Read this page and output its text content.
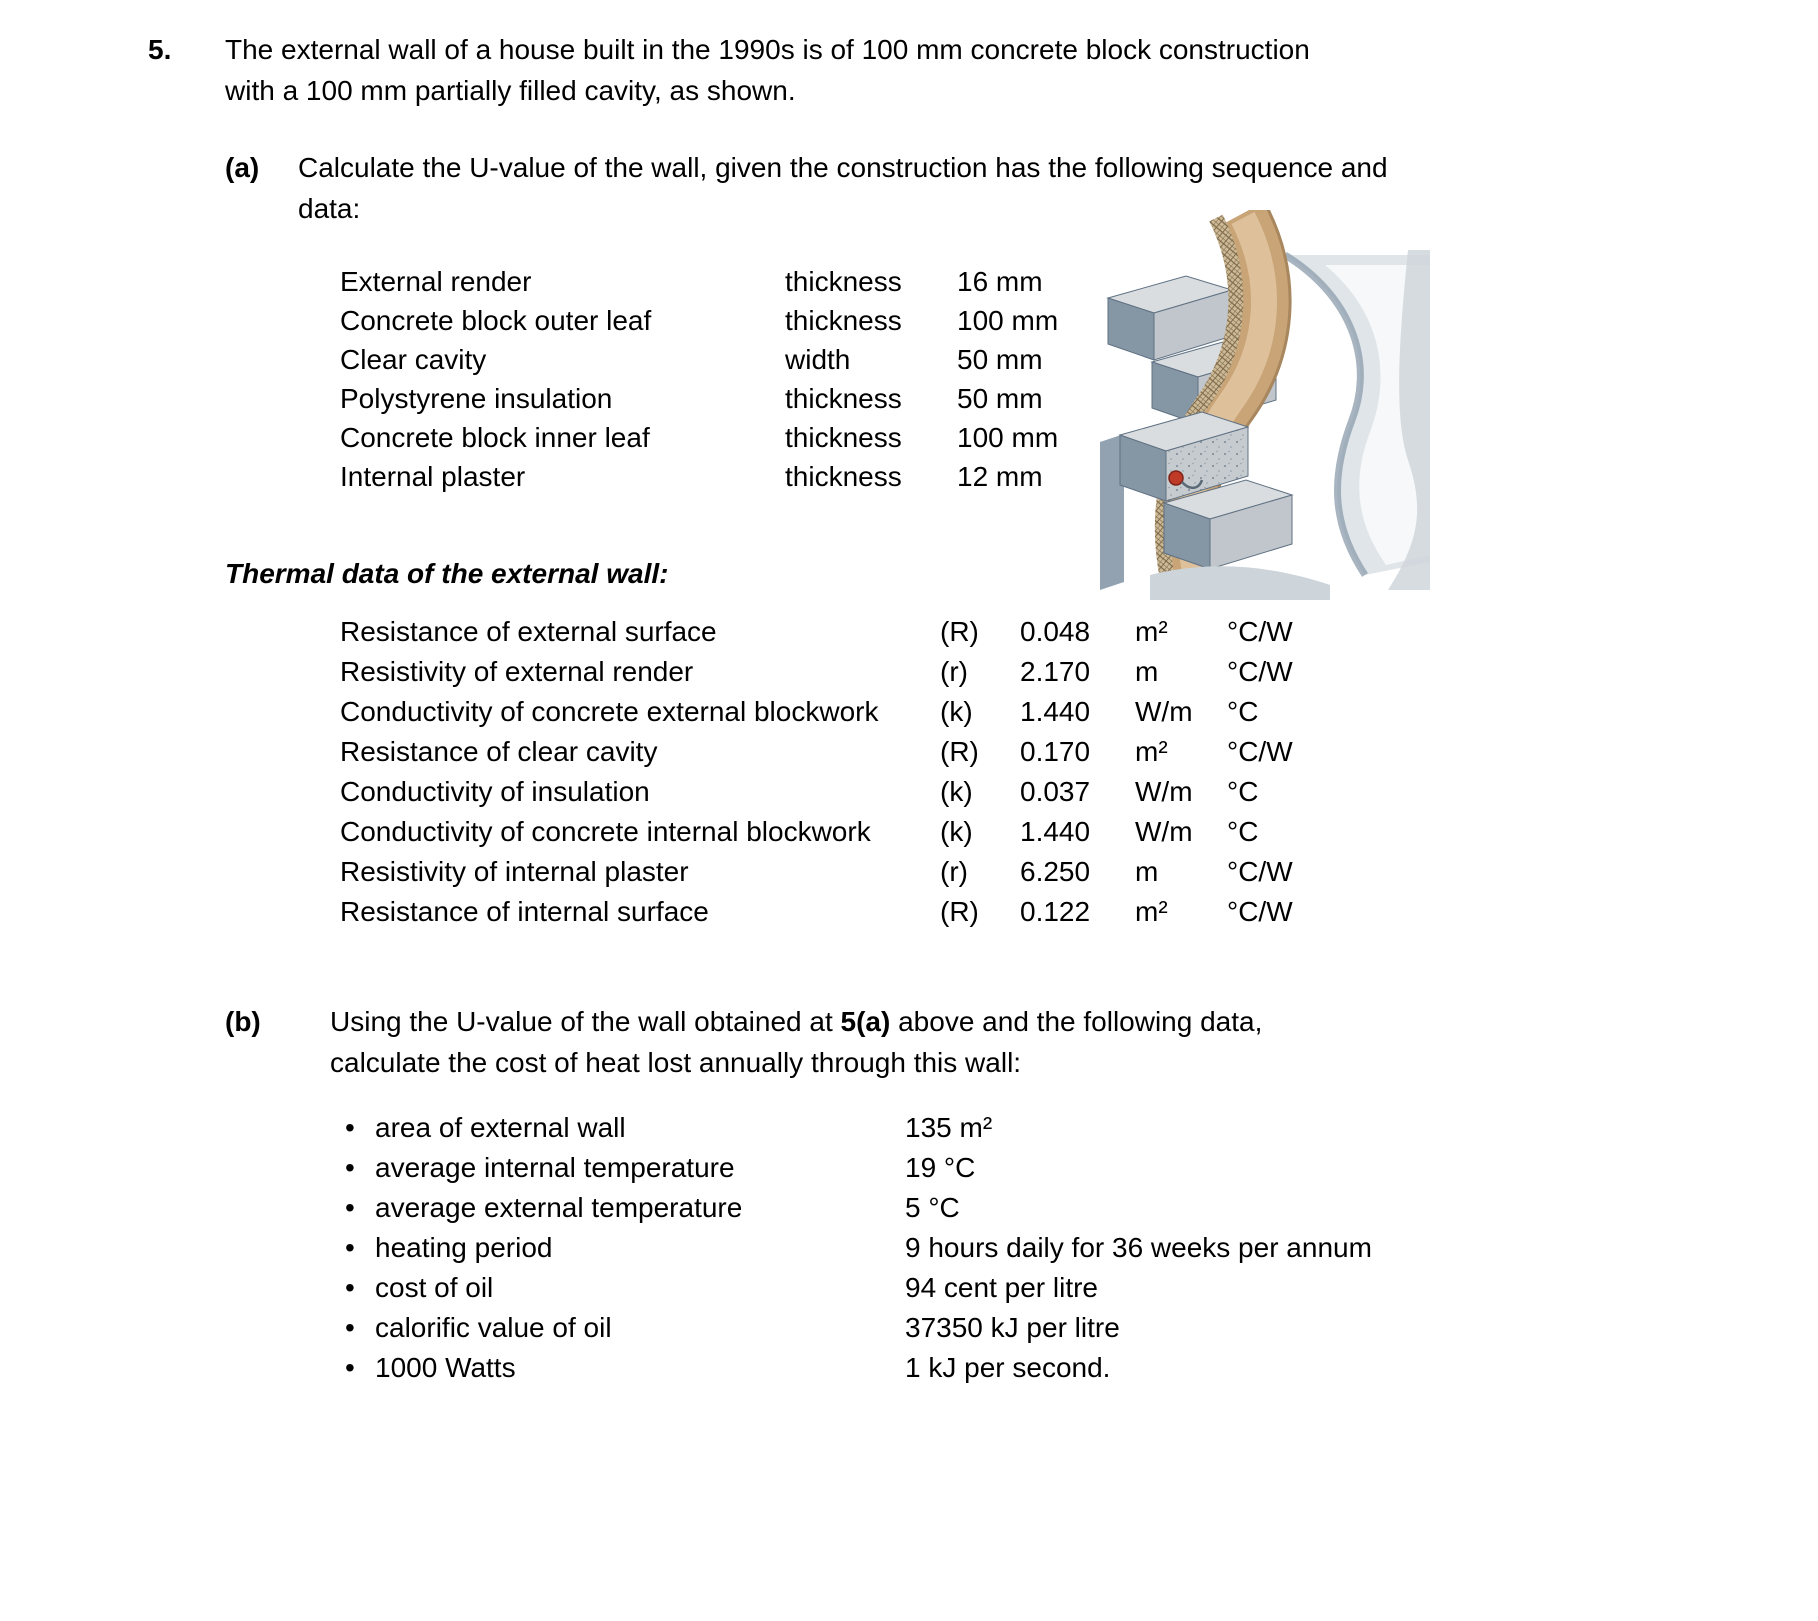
5.	The external wall of a house built in the 1990s is of 100 mm concrete block construction with a 100 mm partially filled cavity, as shown.
(a)	Calculate the U-value of the wall, given the construction has the following sequence and data:
External render	thickness	16 mm
Concrete block outer leaf	thickness	100 mm
Clear cavity	width	50 mm
Polystyrene insulation	thickness	50 mm
Concrete block inner leaf	thickness	100 mm
Internal plaster	thickness	12 mm
Thermal data of the external wall:
Resistance of external surface	(R)	0.048	m²	°C/W
Resistivity of external render	(r)	2.170	m	°C/W
Conductivity of concrete external blockwork	(k)	1.440	W/m	°C
Resistance of clear cavity	(R)	0.170	m²	°C/W
Conductivity of insulation	(k)	0.037	W/m	°C
Conductivity of concrete internal blockwork	(k)	1.440	W/m	°C
Resistivity of internal plaster	(r)	6.250	m	°C/W
Resistance of internal surface	(R)	0.122	m²	°C/W
(b)	Using the U-value of the wall obtained at 5(a) above and the following data, calculate the cost of heat lost annually through this wall:
• area of external wall	135 m²
• average internal temperature	19 °C
• average external temperature	5 °C
• heating period	9 hours daily for 36 weeks per annum
• cost of oil	94 cent per litre
• calorific value of oil	37350 kJ per litre
• 1000 Watts	1 kJ per second.
